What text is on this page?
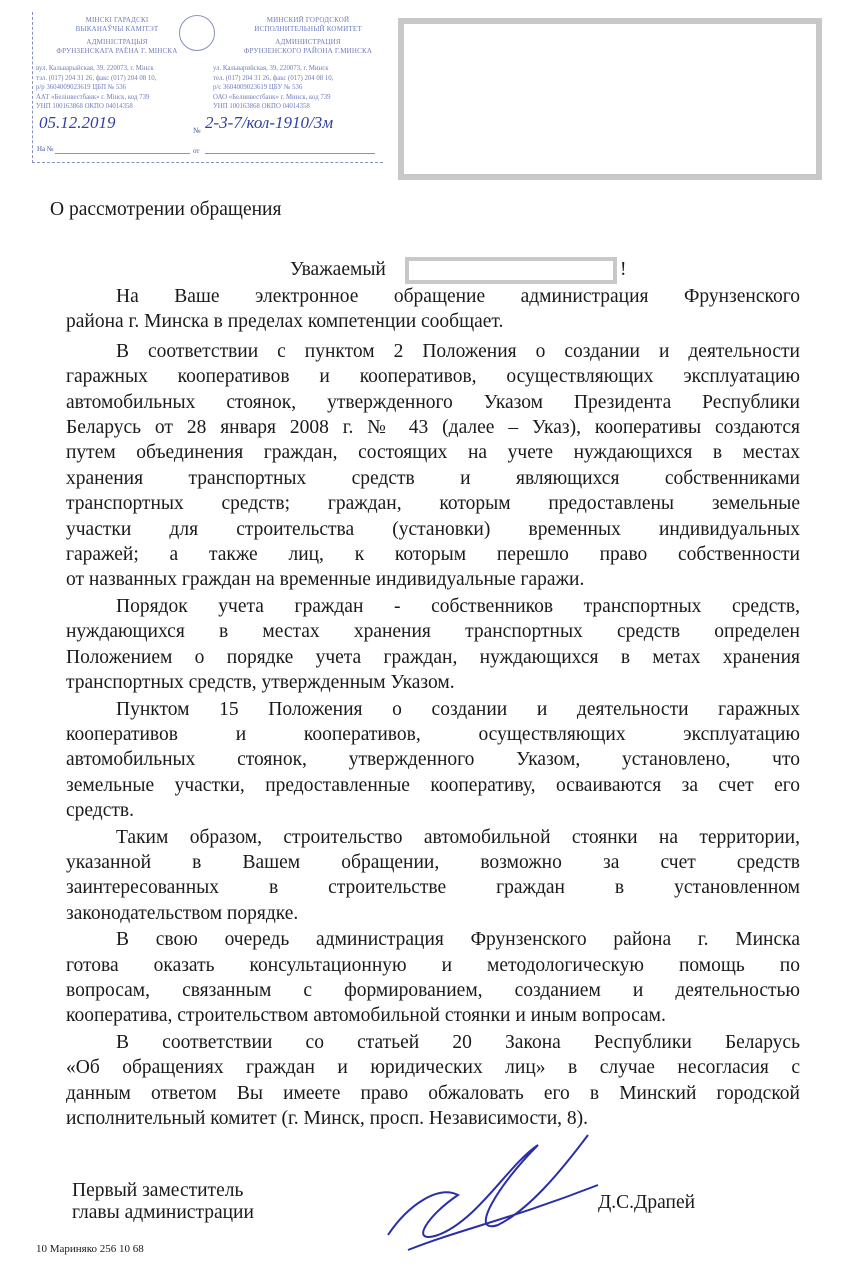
МІНСКІ ГАРАДСКІ
ВЫКАНАЎЧЫ КАМІТЭТ
АДМІНІСТРАЦЫЯ
ФРУНЗЕНСКАГА РАЁНА Г. МІНСКА
МИНСКИЙ ГОРОДСКОЙ
ИСПОЛНИТЕЛЬНЫЙ КОМИТЕТ
АДМИНИСТРАЦИЯ
ФРУНЗЕНСКОГО РАЙОНА Г.МИНСКА
вул. Кальварыйская, 39, 220073, г. Мінск
тэл. (017) 204 31 26, факс (017) 204 08 10,
р/р 3604009023619 ЦБП № 536
ААТ «Белінвестбанк» г. Мінск, код 739
УНП 100163868 ОКПО 04014358
ул. Кальварийская, 39, 220073, г. Минск
тел. (017) 204 31 26, факс (017) 204 08 10,
р/с 3604009023619 ЦБУ № 536
ОАО «Белинвестбанк» г. Минск, код 739
УНП 100163868 ОКПО 04014358
05.12.2019	№ 2-3-7/кол-1910/3м
На №	от
О рассмотрении обращения
Уважаемый	!
На Ваше электронное обращение администрация Фрунзенского
района г. Минска в пределах компетенции сообщает.
В соответствии с пунктом 2 Положения о создании и деятельности
гаражных кооперативов и кооперативов, осуществляющих эксплуатацию
автомобильных стоянок, утвержденного Указом Президента Республики
Беларусь от 28 января 2008 г. № 43 (далее – Указ), кооперативы создаются
путем объединения граждан, состоящих на учете нуждающихся в местах
хранения транспортных средств и являющихся собственниками
транспортных средств; граждан, которым предоставлены земельные
участки для строительства (установки) временных индивидуальных
гаражей; а также лиц, к которым перешло право собственности
от названных граждан на временные индивидуальные гаражи.
Порядок учета граждан - собственников транспортных средств,
нуждающихся в местах хранения транспортных средств определен
Положением о порядке учета граждан, нуждающихся в метах хранения
транспортных средств, утвержденным Указом.
Пунктом 15 Положения о создании и деятельности гаражных
кооперативов и кооперативов, осуществляющих эксплуатацию
автомобильных стоянок, утвержденного Указом, установлено, что
земельные участки, предоставленные кооперативу, осваиваются за счет его
средств.
Таким образом, строительство автомобильной стоянки на территории,
указанной в Вашем обращении, возможно за счет средств
заинтересованных в строительстве граждан в установленном
законодательством порядке.
В свою очередь администрация Фрунзенского района г. Минска
готова оказать консультационную и методологическую помощь по
вопросам, связанным с формированием, созданием и деятельностью
кооператива, строительством автомобильной стоянки и иным вопросам.
В соответствии со статьей 20 Закона Республики Беларусь
«Об обращениях граждан и юридических лиц» в случае несогласия с
данным ответом Вы имеете право обжаловать его в Минский городской
исполнительный комитет (г. Минск, просп. Независимости, 8).
Первый заместитель
главы администрации	Д.С.Драпей
10 Мариняко 256 10 68
